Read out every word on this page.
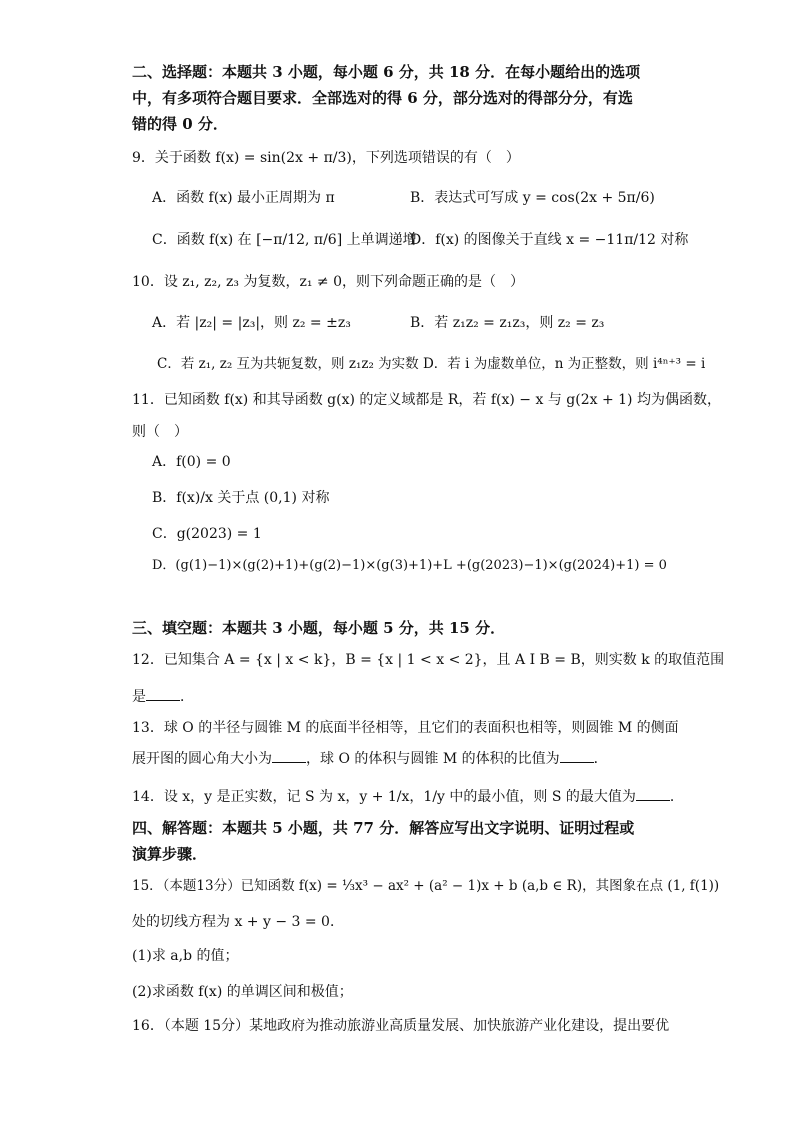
二、选择题：本题共 3 小题，每小题 6 分，共 18 分．在每小题给出的选项
中，有多项符合题目要求．全部选对的得 6 分，部分选对的得部分分，有选
错的得 0 分．
9．关于函数 f(x) = sin(2x + π/3)，下列选项错误的有（　）
A．函数 f(x) 最小正周期为 π	B．表达式可写成 y = cos(2x + 5π/6)
C．函数 f(x) 在 [−π/12, π/6] 上单调递增
D．f(x) 的图像关于直线 x = −11π/12 对称
10．设 z₁, z₂, z₃ 为复数，z₁ ≠ 0，则下列命题正确的是（　）
A．若 |z₂| = |z₃|，则 z₂ = ±z₃	B．若 z₁z₂ = z₁z₃，则 z₂ = z₃
C．若 z₁, z₂ 互为共轭复数，则 z₁z₂ 为实数 D．若 i 为虚数单位，n 为正整数，则 i⁴ⁿ⁺³ = i
11．已知函数 f(x) 和其导函数 g(x) 的定义域都是 R，若 f(x) − x 与 g(2x + 1) 均为偶函数，
则（　）
A．f(0) = 0
B．f(x)/x 关于点 (0,1) 对称
C．g(2023) = 1
D．(g(1)−1)×(g(2)+1)+(g(2)−1)×(g(3)+1)+L +(g(2023)−1)×(g(2024)+1) = 0
三、填空题：本题共 3 小题，每小题 5 分，共 15 分．
12．已知集合 A = {x | x < k}，B = {x | 1 < x < 2}，且 A I B = B，则实数 k 的取值范围
是 ．
13．球 O 的半径与圆锥 M 的底面半径相等，且它们的表面积也相等，则圆锥 M 的侧面
展开图的圆心角大小为 ，球 O 的体积与圆锥 M 的体积的比值为 ．
14．设 x，y 是正实数，记 S 为 x，y + 1/x，1/y 中的最小值，则 S 的最大值为 ．
四、解答题：本题共 5 小题，共 77 分．解答应写出文字说明、证明过程或
演算步骤．
15．（本题13分）已知函数 f(x) = ⅓x³ − ax² + (a² − 1)x + b (a,b ∈ R)，其图象在点 (1, f(1))
处的切线方程为 x + y − 3 = 0．
(1)求 a,b 的值；
(2)求函数 f(x) 的单调区间和极值；
16．（本题 15分）某地政府为推动旅游业高质量发展、加快旅游产业化建设，提出要优
